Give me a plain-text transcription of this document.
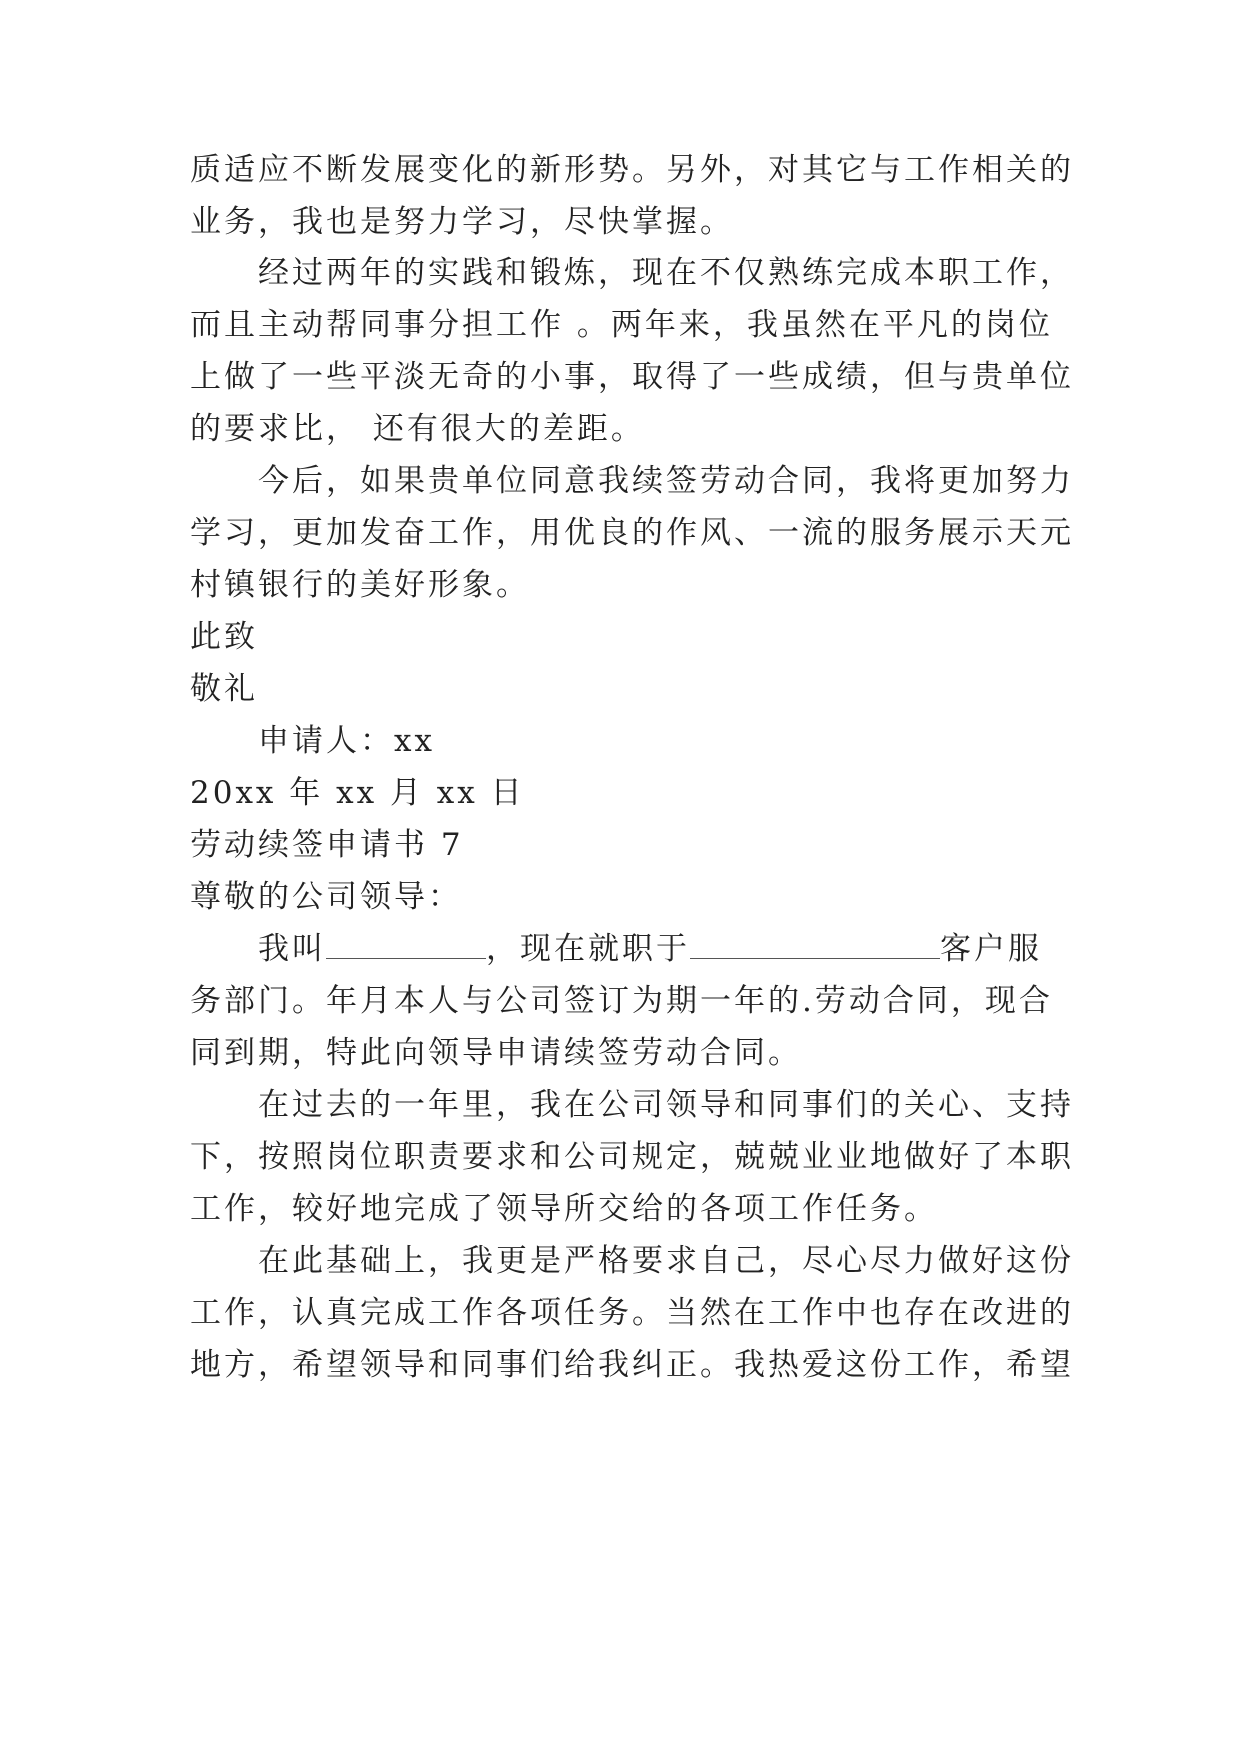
质适应不断发展变化的新形势。另外，对其它与工作相关的
业务，我也是努力学习，尽快掌握。
经过两年的实践和锻炼，现在不仅熟练完成本职工作，
而且主动帮同事分担工作 。两年来，我虽然在平凡的岗位
上做了一些平淡无奇的小事，取得了一些成绩，但与贵单位
的要求比， 还有很大的差距。
今后，如果贵单位同意我续签劳动合同，我将更加努力
学习，更加发奋工作，用优良的作风、一流的服务展示天元
村镇银行的美好形象。
此致
敬礼
申请人：xx
20xx 年 xx 月 xx 日
劳动续签申请书 7
尊敬的公司领导：
我叫	，现在就职于	客户服
务部门。年月本人与公司签订为期一年的.劳动合同，现合
同到期，特此向领导申请续签劳动合同。
在过去的一年里，我在公司领导和同事们的关心、支持
下，按照岗位职责要求和公司规定，兢兢业业地做好了本职
工作，较好地完成了领导所交给的各项工作任务。
在此基础上，我更是严格要求自己，尽心尽力做好这份
工作，认真完成工作各项任务。当然在工作中也存在改进的
地方，希望领导和同事们给我纠正。我热爱这份工作，希望
